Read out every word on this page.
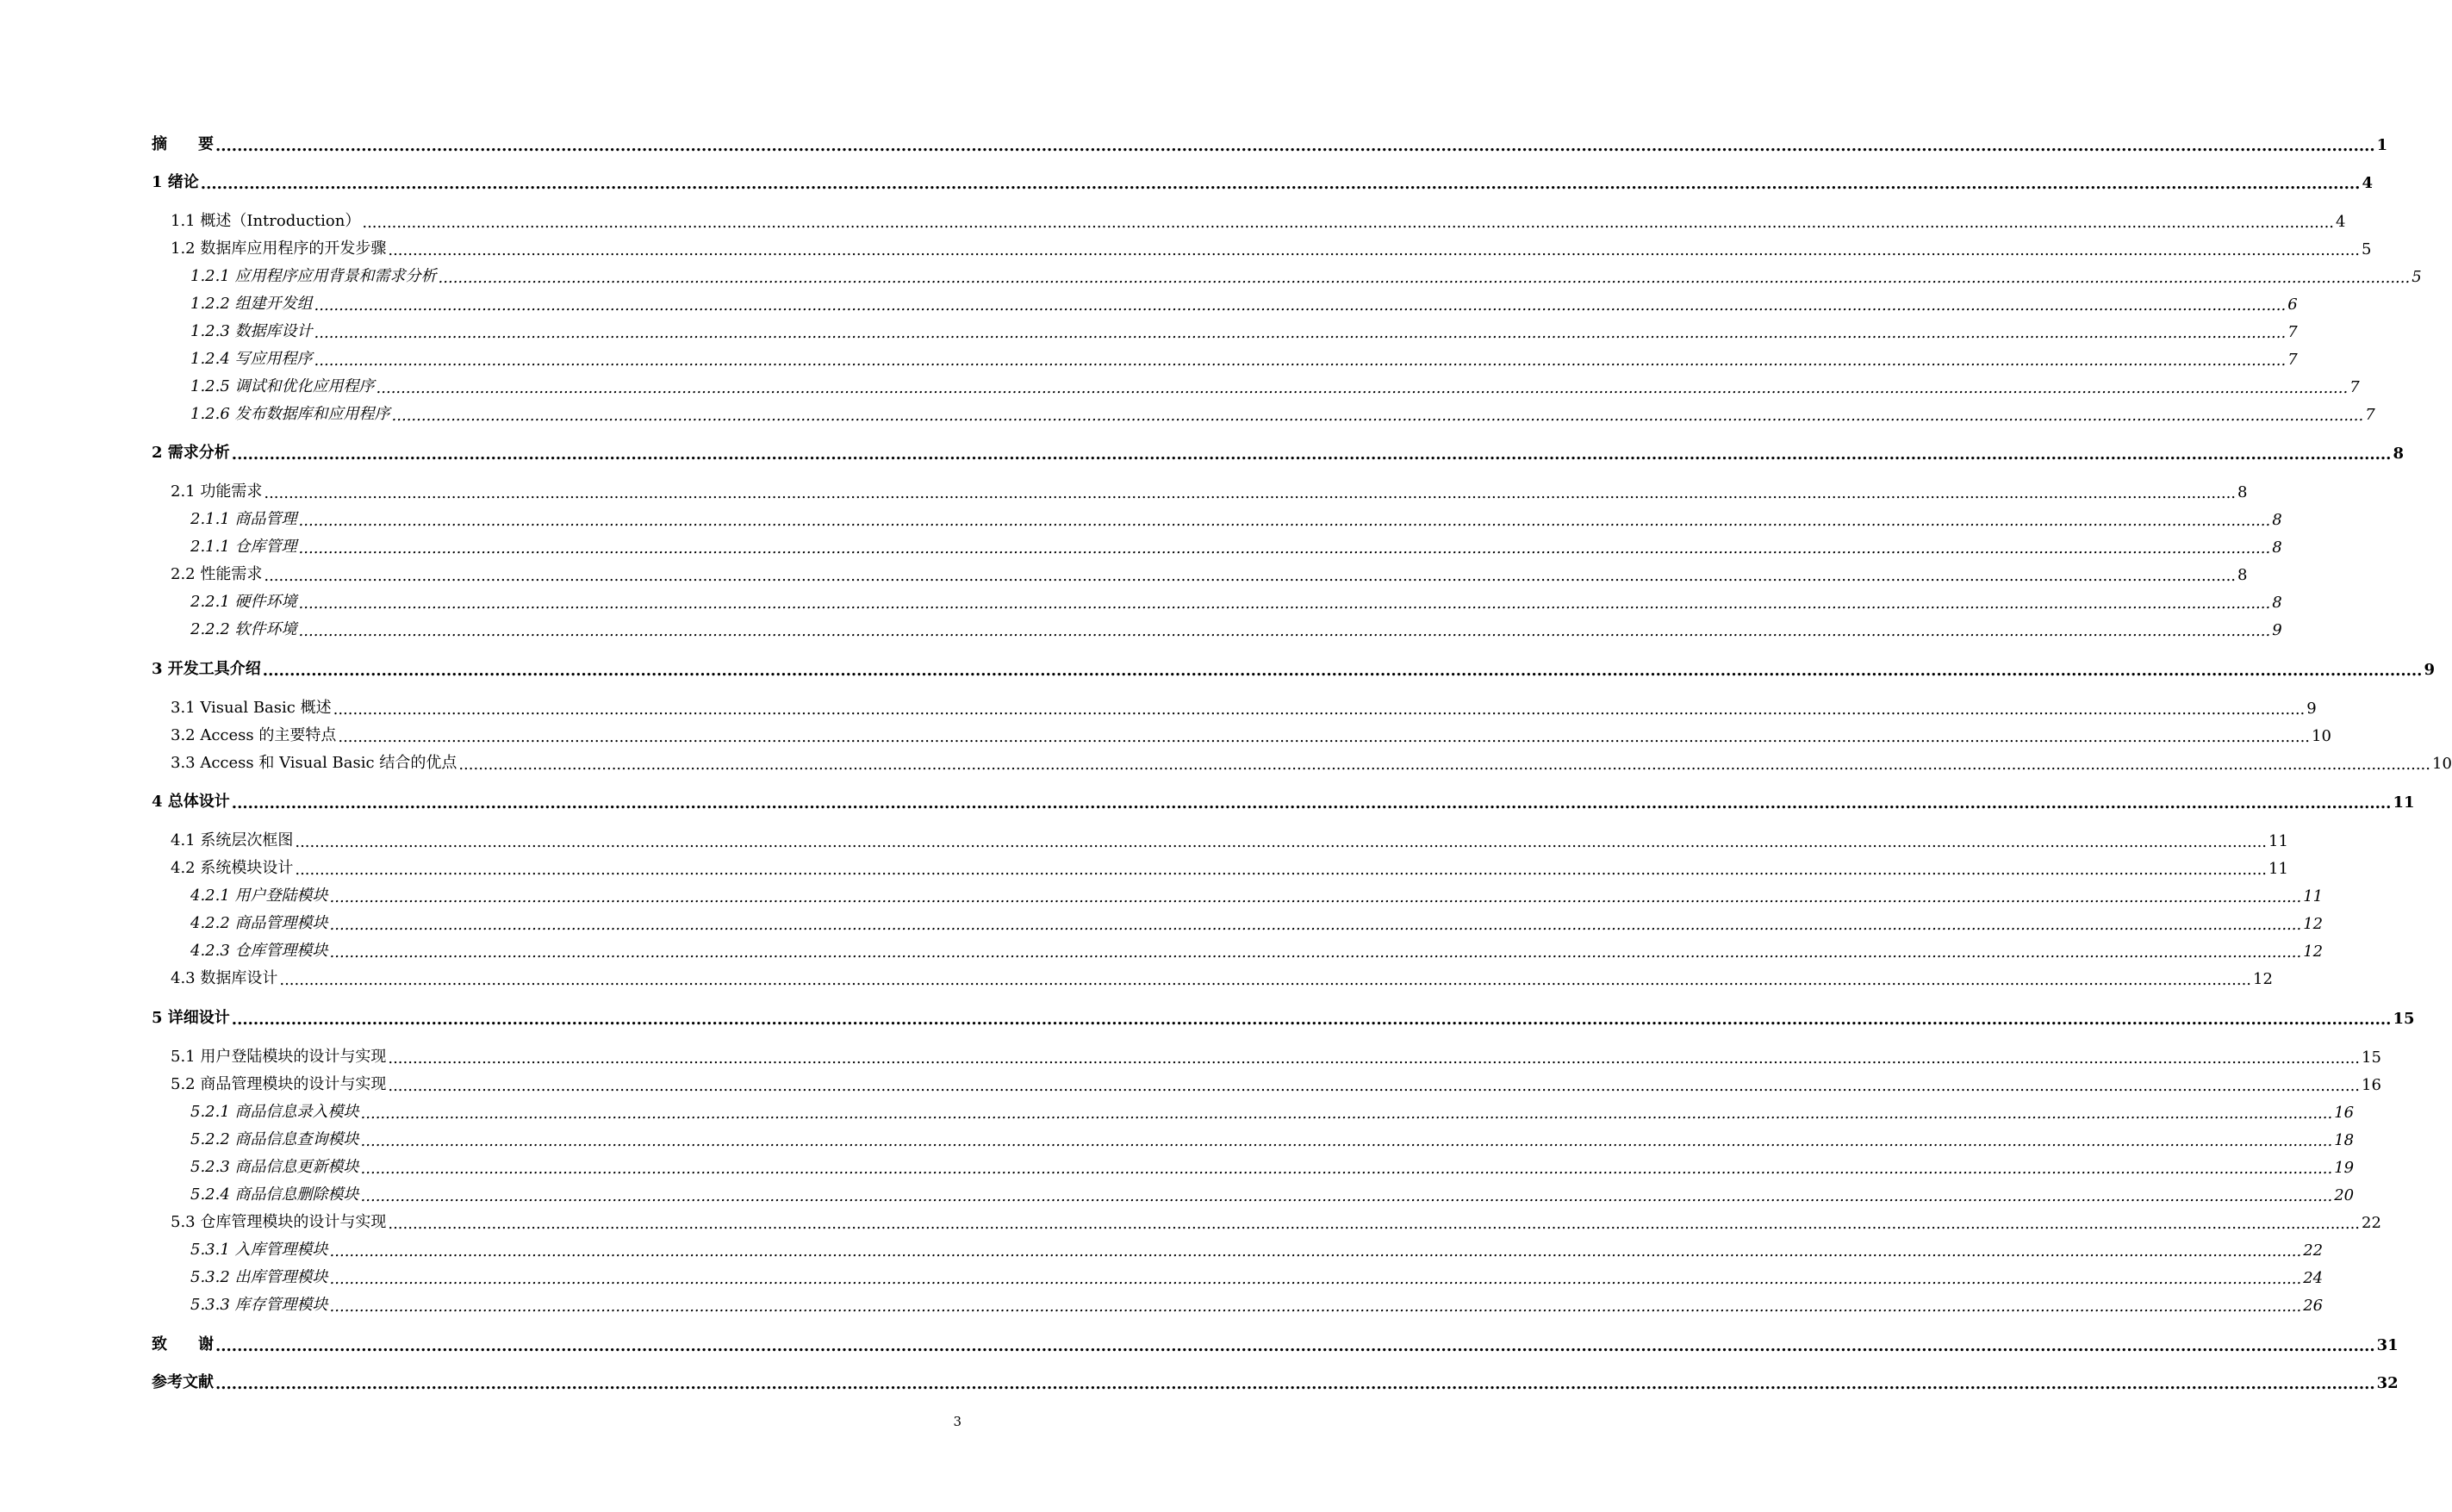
摘　　要 ................................................................................................................................................................................................................................................................................................................................................................................................................ 1
1 绪论 ................................................................................................................................................................................................................................................................................................................................................................................................................ 4
1.1 概述（Introduction） ................................................................................................................................................................................................................................................................................................................................................................................................................ 4
1.2 数据库应用程序的开发步骤 ................................................................................................................................................................................................................................................................................................................................................................................................................ 5
1.2.1 应用程序应用背景和需求分析 ................................................................................................................................................................................................................................................................................................................................................................................................................ 5
1.2.2 组建开发组 ................................................................................................................................................................................................................................................................................................................................................................................................................ 6
1.2.3 数据库设计 ................................................................................................................................................................................................................................................................................................................................................................................................................ 7
1.2.4 写应用程序 ................................................................................................................................................................................................................................................................................................................................................................................................................ 7
1.2.5 调试和优化应用程序 ................................................................................................................................................................................................................................................................................................................................................................................................................ 7
1.2.6 发布数据库和应用程序 ................................................................................................................................................................................................................................................................................................................................................................................................................ 7
2 需求分析 ................................................................................................................................................................................................................................................................................................................................................................................................................ 8
2.1 功能需求 ................................................................................................................................................................................................................................................................................................................................................................................................................ 8
2.1.1 商品管理 ................................................................................................................................................................................................................................................................................................................................................................................................................ 8
2.1.1 仓库管理 ................................................................................................................................................................................................................................................................................................................................................................................................................ 8
2.2 性能需求 ................................................................................................................................................................................................................................................................................................................................................................................................................ 8
2.2.1 硬件环境 ................................................................................................................................................................................................................................................................................................................................................................................................................ 8
2.2.2 软件环境 ................................................................................................................................................................................................................................................................................................................................................................................................................ 9
3 开发工具介绍 ................................................................................................................................................................................................................................................................................................................................................................................................................ 9
3.1 Visual Basic 概述 ................................................................................................................................................................................................................................................................................................................................................................................................................ 9
3.2 Access 的主要特点 ................................................................................................................................................................................................................................................................................................................................................................................................................ 10
3.3 Access 和 Visual Basic 结合的优点 ................................................................................................................................................................................................................................................................................................................................................................................................................ 10
4 总体设计 ................................................................................................................................................................................................................................................................................................................................................................................................................ 11
4.1 系统层次框图 ................................................................................................................................................................................................................................................................................................................................................................................................................ 11
4.2 系统模块设计 ................................................................................................................................................................................................................................................................................................................................................................................................................ 11
4.2.1 用户登陆模块 ................................................................................................................................................................................................................................................................................................................................................................................................................ 11
4.2.2 商品管理模块 ................................................................................................................................................................................................................................................................................................................................................................................................................ 12
4.2.3 仓库管理模块 ................................................................................................................................................................................................................................................................................................................................................................................................................ 12
4.3 数据库设计 ................................................................................................................................................................................................................................................................................................................................................................................................................ 12
5 详细设计 ................................................................................................................................................................................................................................................................................................................................................................................................................ 15
5.1 用户登陆模块的设计与实现 ................................................................................................................................................................................................................................................................................................................................................................................................................ 15
5.2 商品管理模块的设计与实现 ................................................................................................................................................................................................................................................................................................................................................................................................................ 16
5.2.1 商品信息录入模块 ................................................................................................................................................................................................................................................................................................................................................................................................................ 16
5.2.2 商品信息查询模块 ................................................................................................................................................................................................................................................................................................................................................................................................................ 18
5.2.3 商品信息更新模块 ................................................................................................................................................................................................................................................................................................................................................................................................................ 19
5.2.4 商品信息删除模块 ................................................................................................................................................................................................................................................................................................................................................................................................................ 20
5.3 仓库管理模块的设计与实现 ................................................................................................................................................................................................................................................................................................................................................................................................................ 22
5.3.1 入库管理模块 ................................................................................................................................................................................................................................................................................................................................................................................................................ 22
5.3.2 出库管理模块 ................................................................................................................................................................................................................................................................................................................................................................................................................ 24
5.3.3 库存管理模块 ................................................................................................................................................................................................................................................................................................................................................................................................................ 26
致　　谢 ................................................................................................................................................................................................................................................................................................................................................................................................................ 31
参考文献 ................................................................................................................................................................................................................................................................................................................................................................................................................ 32
3
